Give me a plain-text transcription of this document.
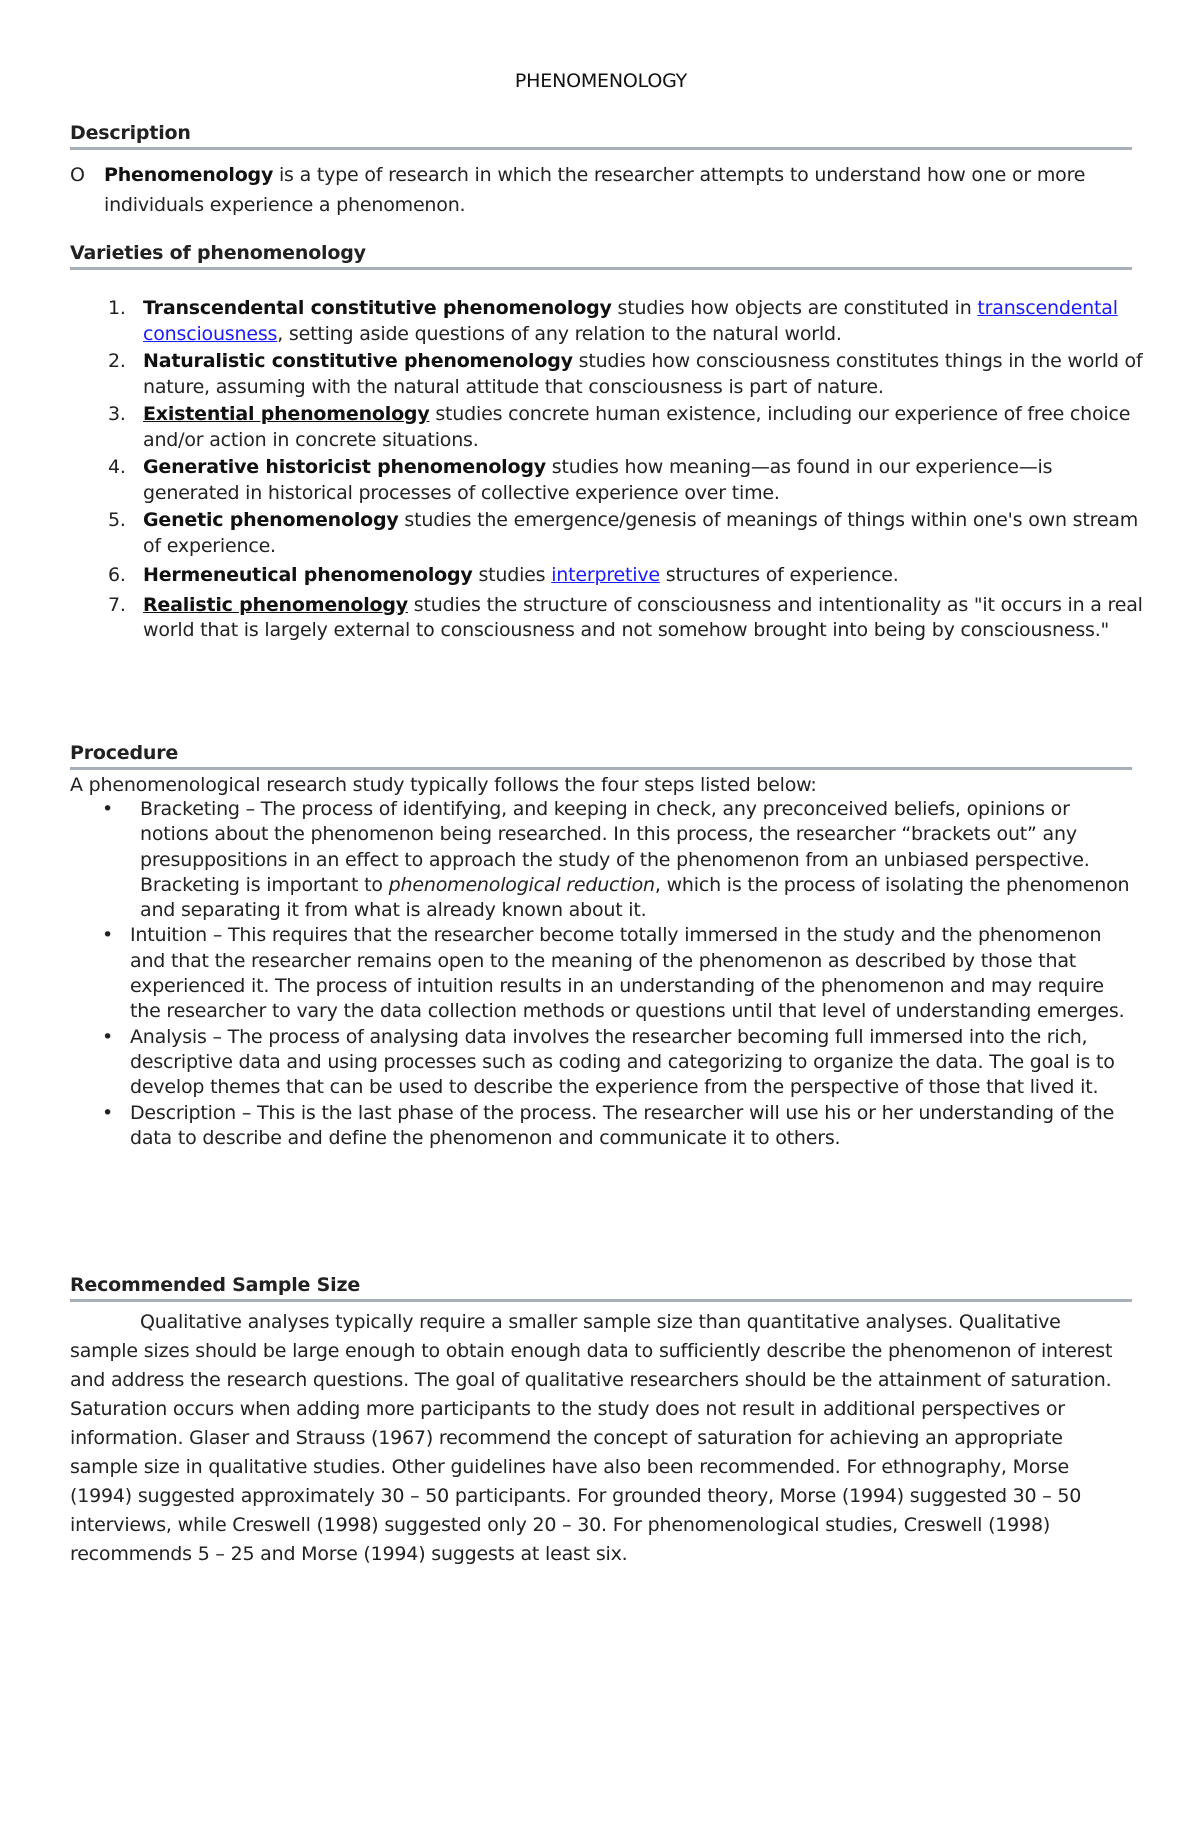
PHENOMENOLOGY
Description
O Phenomenology is a type of research in which the researcher attempts to understand how one or more individuals experience a phenomenon.
Varieties of phenomenology
1. Transcendental constitutive phenomenology studies how objects are constituted in transcendental consciousness, setting aside questions of any relation to the natural world.
2. Naturalistic constitutive phenomenology studies how consciousness constitutes things in the world of nature, assuming with the natural attitude that consciousness is part of nature.
3. Existential phenomenology studies concrete human existence, including our experience of free choice and/or action in concrete situations.
4. Generative historicist phenomenology studies how meaning—as found in our experience—is generated in historical processes of collective experience over time.
5. Genetic phenomenology studies the emergence/genesis of meanings of things within one's own stream of experience.
6. Hermeneutical phenomenology studies interpretive structures of experience.
7. Realistic phenomenology studies the structure of consciousness and intentionality as "it occurs in a real world that is largely external to consciousness and not somehow brought into being by consciousness."
Procedure
A phenomenological research study typically follows the four steps listed below:
• Bracketing – The process of identifying, and keeping in check, any preconceived beliefs, opinions or notions about the phenomenon being researched. In this process, the researcher “brackets out” any presuppositions in an effect to approach the study of the phenomenon from an unbiased perspective. Bracketing is important to phenomenological reduction, which is the process of isolating the phenomenon and separating it from what is already known about it.
• Intuition – This requires that the researcher become totally immersed in the study and the phenomenon and that the researcher remains open to the meaning of the phenomenon as described by those that experienced it. The process of intuition results in an understanding of the phenomenon and may require the researcher to vary the data collection methods or questions until that level of understanding emerges.
• Analysis – The process of analysing data involves the researcher becoming full immersed into the rich, descriptive data and using processes such as coding and categorizing to organize the data. The goal is to develop themes that can be used to describe the experience from the perspective of those that lived it.
• Description – This is the last phase of the process. The researcher will use his or her understanding of the data to describe and define the phenomenon and communicate it to others.
Recommended Sample Size
Qualitative analyses typically require a smaller sample size than quantitative analyses. Qualitative sample sizes should be large enough to obtain enough data to sufficiently describe the phenomenon of interest and address the research questions. The goal of qualitative researchers should be the attainment of saturation. Saturation occurs when adding more participants to the study does not result in additional perspectives or information. Glaser and Strauss (1967) recommend the concept of saturation for achieving an appropriate sample size in qualitative studies. Other guidelines have also been recommended. For ethnography, Morse (1994) suggested approximately 30 – 50 participants. For grounded theory, Morse (1994) suggested 30 – 50 interviews, while Creswell (1998) suggested only 20 – 30. For phenomenological studies, Creswell (1998) recommends 5 – 25 and Morse (1994) suggests at least six.
